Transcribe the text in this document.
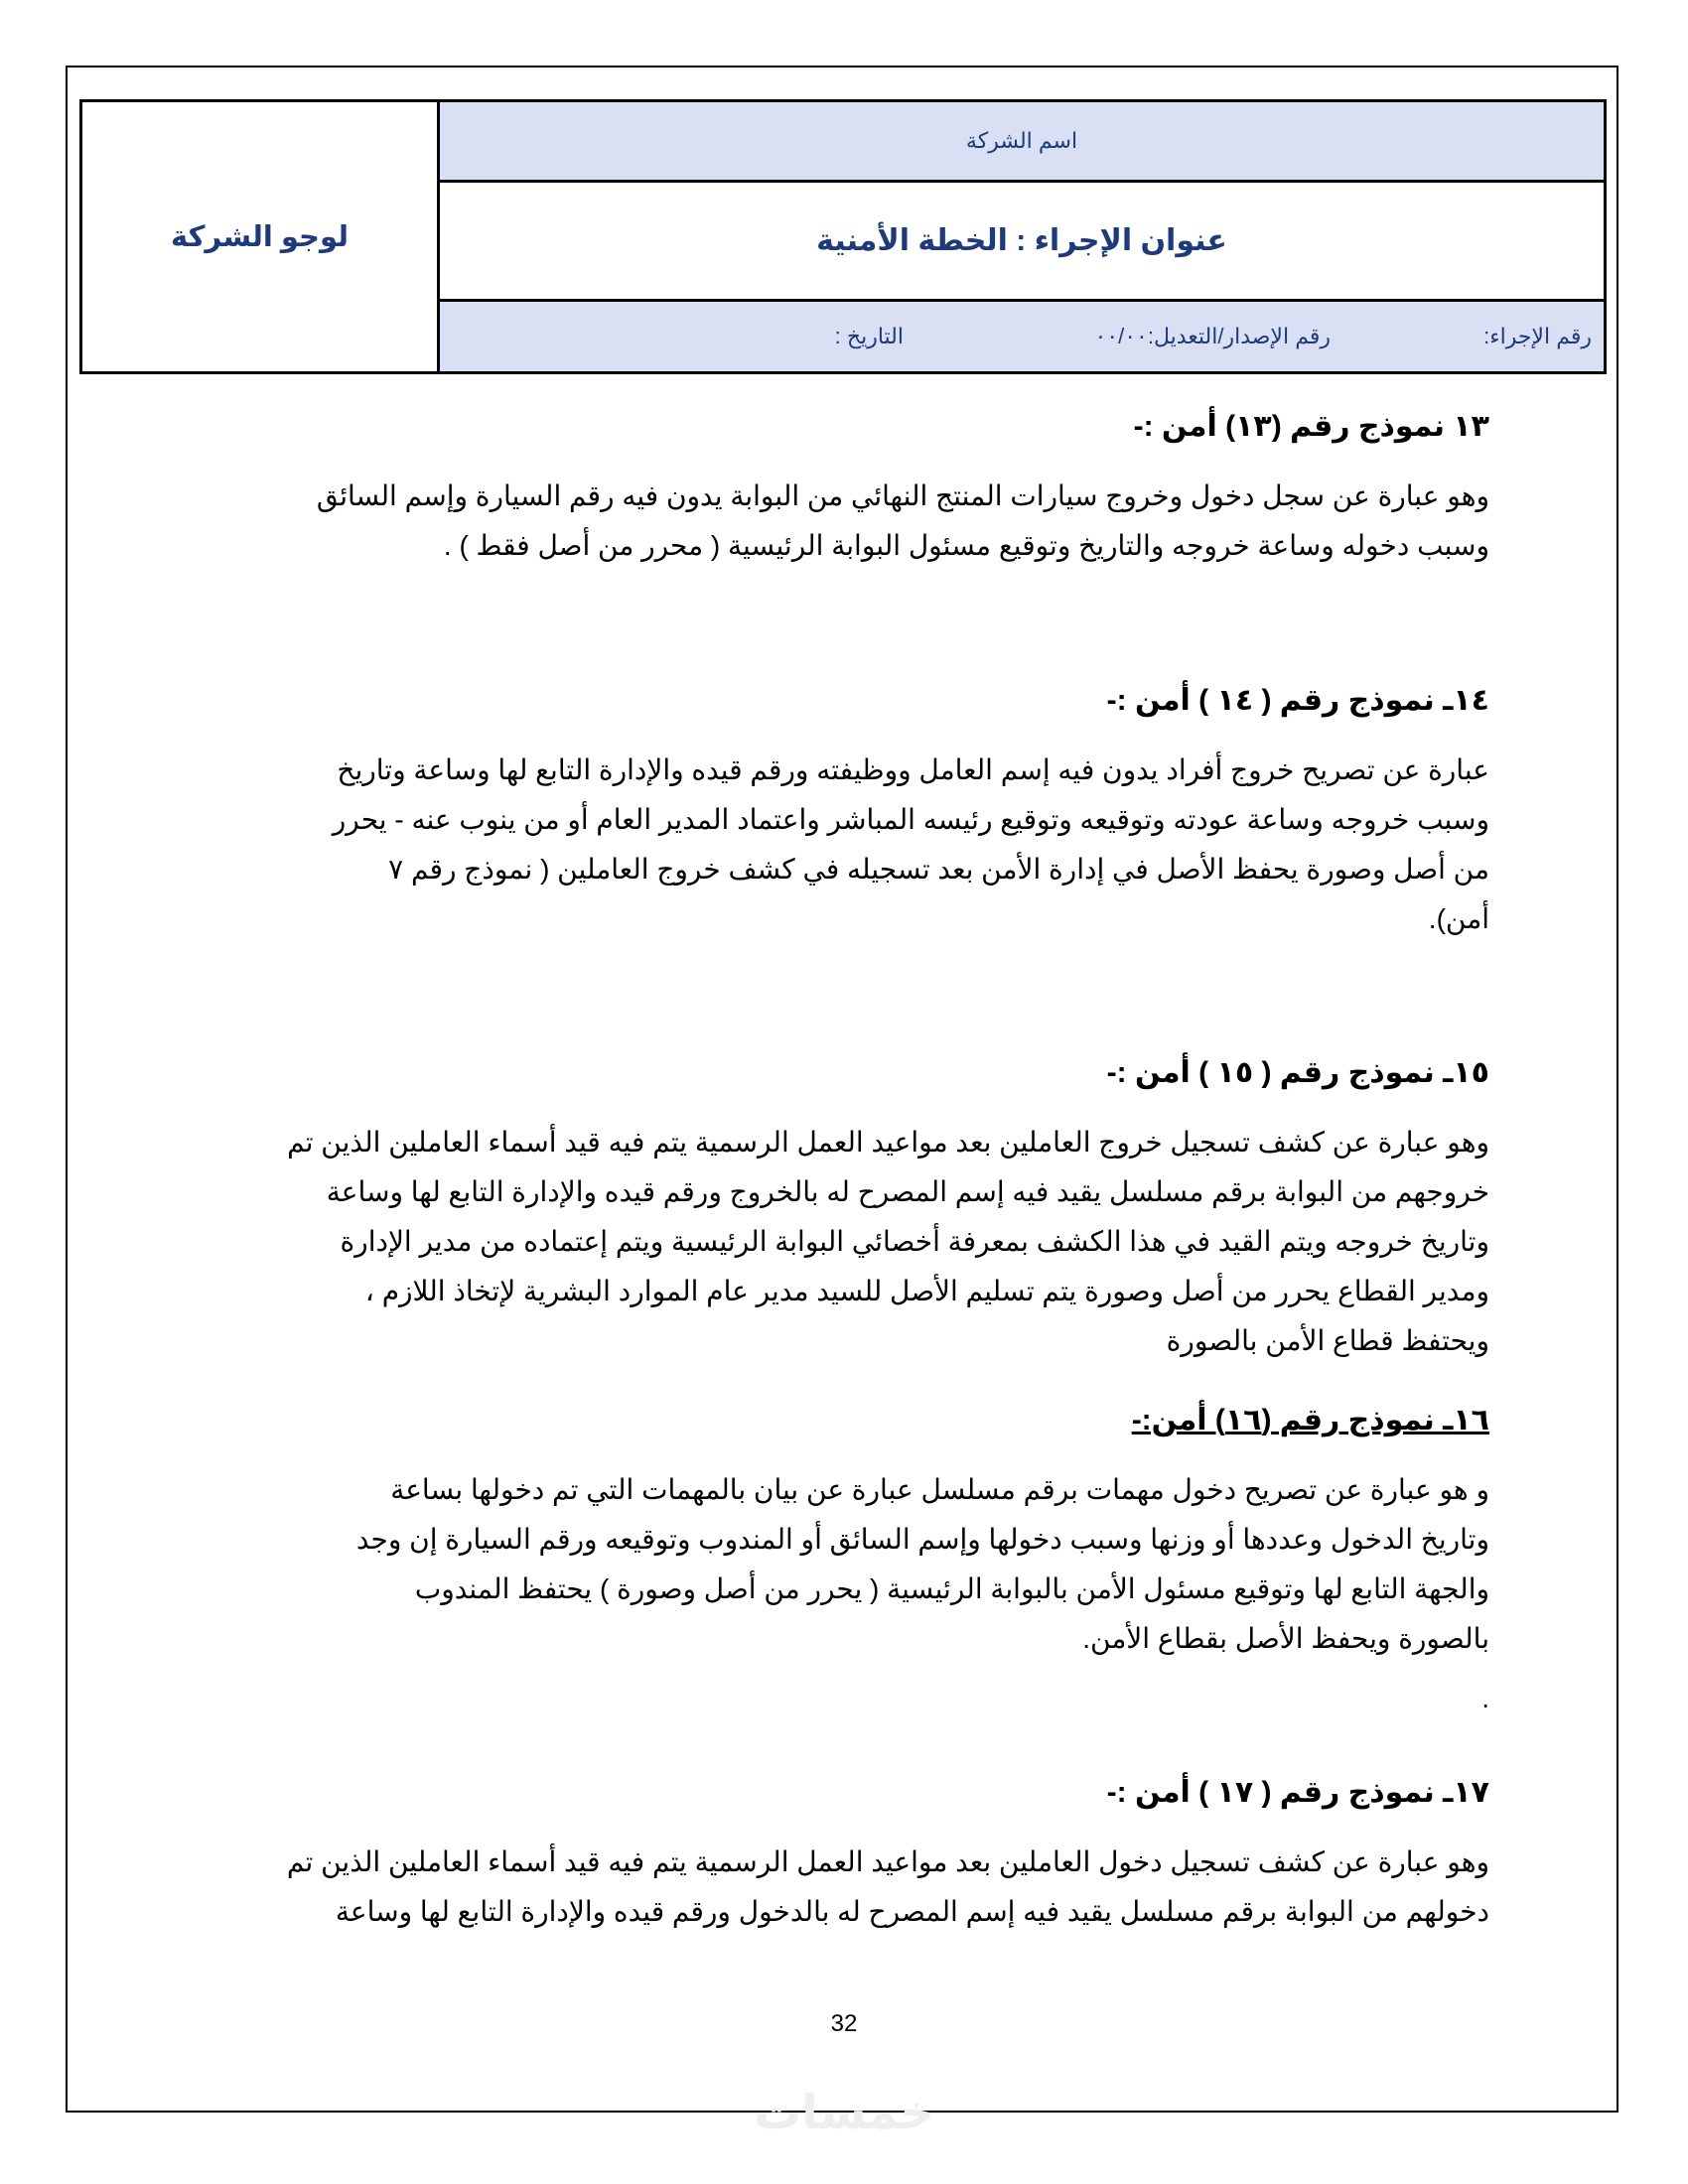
لوجو الشركة
اسم الشركة
عنوان الإجراء : الخطة الأمنية
رقم الإجراء:
رقم الإصدار/التعديل:٠٠/٠٠
التاريخ :
١٣ نموذج رقم (١٣) أمن :-
وهو عبارة عن سجل دخول وخروج سيارات المنتج النهائي من البوابة يدون فيه رقم السيارة وإسم السائق
وسبب دخوله وساعة خروجه والتاريخ وتوقيع مسئول البوابة الرئيسية ( محرر من أصل فقط ) .
١٤ـ نموذج رقم ( ١٤ ) أمن :-
عبارة عن تصريح خروج أفراد يدون فيه إسم العامل ووظيفته ورقم قيده والإدارة التابع لها وساعة وتاريخ
وسبب خروجه وساعة عودته وتوقيعه وتوقيع رئيسه المباشر واعتماد المدير العام أو من ينوب عنه - يحرر
من أصل وصورة يحفظ الأصل في إدارة الأمن بعد تسجيله في كشف خروج العاملين ( نموذج رقم ٧
أمن).
١٥ـ نموذج رقم ( ١٥ ) أمن :-
وهو عبارة عن كشف تسجيل خروج العاملين بعد مواعيد العمل الرسمية يتم فيه قيد أسماء العاملين الذين تم
خروجهم من البوابة برقم مسلسل يقيد فيه إسم المصرح له بالخروج ورقم قيده والإدارة التابع لها وساعة
وتاريخ خروجه ويتم القيد في هذا الكشف بمعرفة أخصائي البوابة الرئيسية ويتم إعتماده من مدير الإدارة
ومدير القطاع يحرر من أصل وصورة يتم تسليم الأصل للسيد مدير عام الموارد البشرية لإتخاذ اللازم ،
ويحتفظ قطاع الأمن بالصورة
١٦ـ نموذج رقم (١٦) أمن:-
و هو عبارة عن تصريح دخول مهمات برقم مسلسل عبارة عن بيان بالمهمات التي تم دخولها بساعة
وتاريخ الدخول وعددها أو وزنها وسبب دخولها وإسم السائق أو المندوب وتوقيعه ورقم السيارة إن وجد
والجهة التابع لها وتوقيع مسئول الأمن بالبوابة الرئيسية ( يحرر من أصل وصورة ) يحتفظ المندوب
بالصورة ويحفظ الأصل بقطاع الأمن.
.
١٧ـ نموذج رقم ( ١٧ ) أمن :-
وهو عبارة عن كشف تسجيل دخول العاملين بعد مواعيد العمل الرسمية يتم فيه قيد أسماء العاملين الذين تم
دخولهم من البوابة برقم مسلسل يقيد فيه إسم المصرح له بالدخول ورقم قيده والإدارة التابع لها وساعة
32
خمسات
